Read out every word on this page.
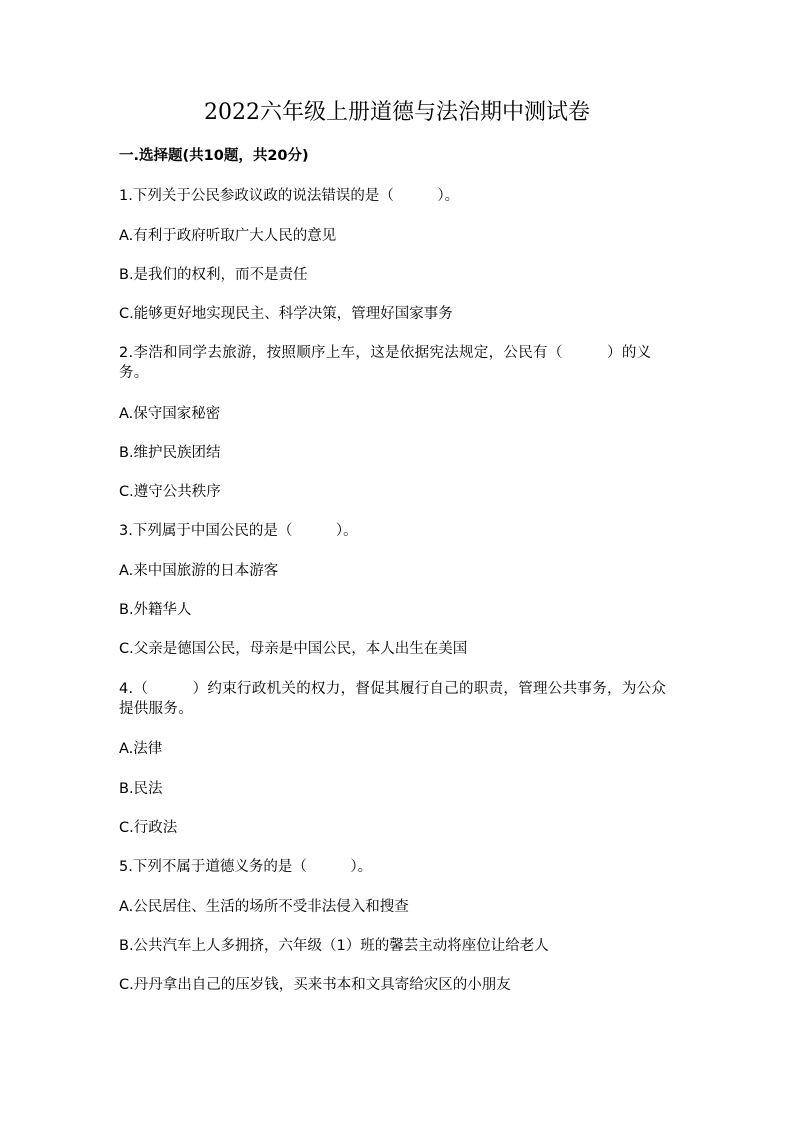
2022六年级上册道德与法治期中测试卷
一.选择题(共10题，共20分)
1.下列关于公民参政议政的说法错误的是（　　　）。
A.有利于政府听取广大人民的意见
B.是我们的权利，而不是责任
C.能够更好地实现民主、科学决策，管理好国家事务
2.李浩和同学去旅游，按照顺序上车，这是依据宪法规定，公民有（　　　）的义务。
A.保守国家秘密
B.维护民族团结
C.遵守公共秩序
3.下列属于中国公民的是（　　　）。
A.来中国旅游的日本游客
B.外籍华人
C.父亲是德国公民，母亲是中国公民，本人出生在美国
4.（　　　）约束行政机关的权力，督促其履行自己的职责，管理公共事务，为公众提供服务。
A.法律
B.民法
C.行政法
5.下列不属于道德义务的是（　　　）。
A.公民居住、生活的场所不受非法侵入和搜查
B.公共汽车上人多拥挤，六年级（1）班的馨芸主动将座位让给老人
C.丹丹拿出自己的压岁钱，买来书本和文具寄给灾区的小朋友
